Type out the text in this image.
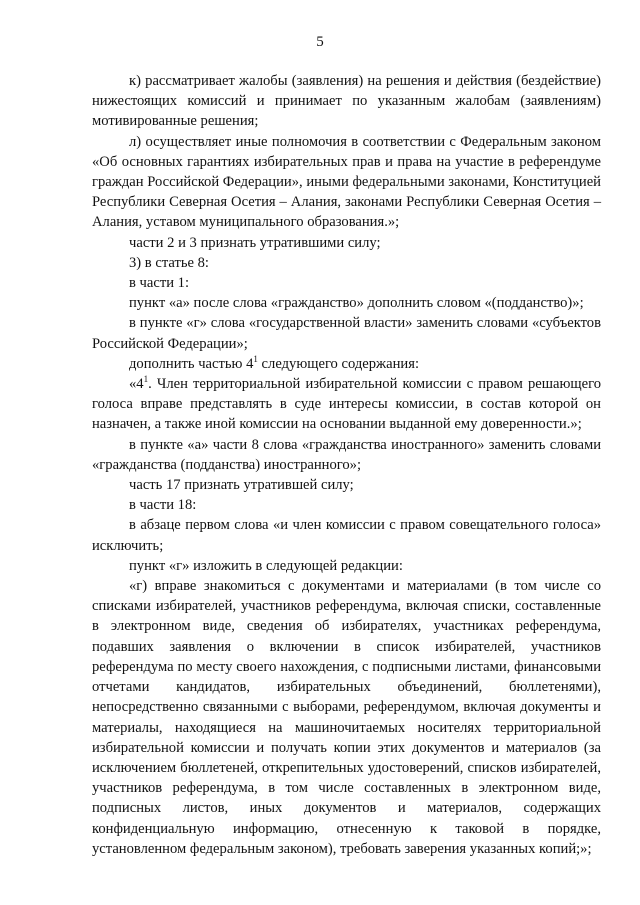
5

к) рассматривает жалобы (заявления) на решения и действия (бездействие) нижестоящих комиссий и принимает по указанным жалобам (заявлениям) мотивированные решения;

л) осуществляет иные полномочия в соответствии с Федеральным законом «Об основных гарантиях избирательных прав и права на участие в референдуме граждан Российской Федерации», иными федеральными законами, Конституцией Республики Северная Осетия – Алания, законами Республики Северная Осетия – Алания, уставом муниципального образования.»;

части 2 и 3 признать утратившими силу;

3) в статье 8:

в части 1:

пункт «а» после слова «гражданство» дополнить словом «(подданство)»;

в пункте «г» слова «государственной власти» заменить словами «субъектов Российской Федерации»;

дополнить частью $4^1$ следующего содержания:

«$4^1$. Член территориальной избирательной комиссии с правом решающего голоса вправе представлять в суде интересы комиссии, в состав которой он назначен, а также иной комиссии на основании выданной ему доверенности.»;

в пункте «а» части 8 слова «гражданства иностранного» заменить словами «гражданства (подданства) иностранного»;

часть 17 признать утратившей силу;

в части 18:

в абзаце первом слова «и член комиссии с правом совещательного голоса» исключить;

пункт «г» изложить в следующей редакции:

«г) вправе знакомиться с документами и материалами (в том числе со списками избирателей, участников референдума, включая списки, составленные в электронном виде, сведения об избирателях, участниках референдума, подавших заявления о включении в список избирателей, участников референдума по месту своего нахождения, с подписными листами, финансовыми отчетами кандидатов, избирательных объединений, бюллетенями), непосредственно связанными с выборами, референдумом, включая документы и материалы, находящиеся на машиночитаемых носителях территориальной избирательной комиссии и получать копии этих документов и материалов (за исключением бюллетеней, открепительных удостоверений, списков избирателей, участников референдума, в том числе составленных в электронном виде, подписных листов, иных документов и материалов, содержащих конфиденциальную информацию, отнесенную к таковой в порядке, установленном федеральным законом), требовать заверения указанных копий;»;
